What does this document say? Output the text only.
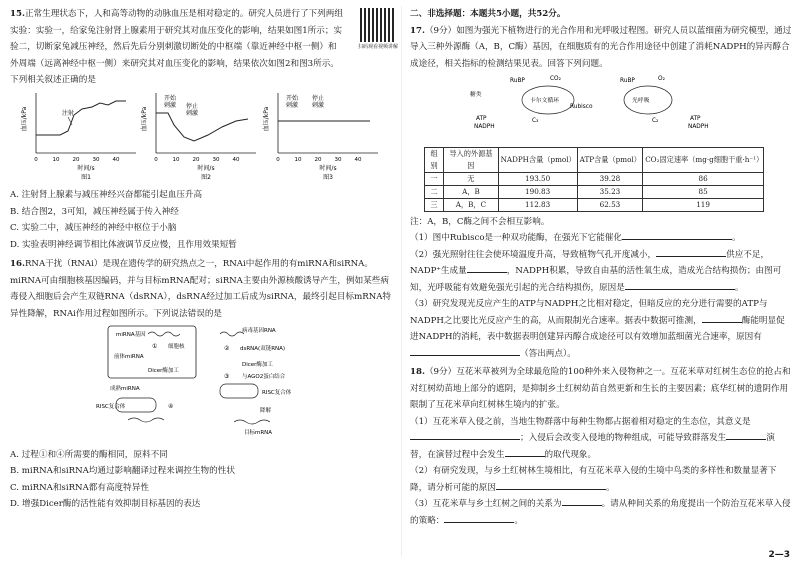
15.正常生理状态下，人和高等动物的动脉血压是相对稳定的。研究人员进行了下列两组实验：实验一，给家兔注射肾上腺素用于研究其对血压变化的影响，结果如图1所示；实验二，切断家兔减压神经，然后先后分别刺激切断处的中枢端（靠近神经中枢一侧）和外周端（远离神经中枢一侧）来研究其对血压变化的影响，结果依次如图2和图3所示。下列相关叙述正确的是

扫码观看视频讲解
血压/kPa	注射
0	10 20 30 40
时间/s
图1
血压/kPa
开始
刺激 停止
刺激
0	10 20 30 40
时间/s
图2
血压/kPa
开始
刺激
停止
刺激
0	10 20 30 40
时间/s
图3

A. 注射肾上腺素与减压神经兴奋都能引起血压升高

B. 结合图2，3可知，减压神经属于传入神经

C. 实验二中，减压神经的神经中枢位于小脑

D. 实验表明神经调节相比体液调节反应慢，且作用效果短暂

16.RNA干扰（RNAi）是现在遗传学的研究热点之一，RNAi中起作用的有miRNA和siRNA。miRNA可由细胞核基因编码，并与目标mRNA配对；siRNA主要由外源核酸诱导产生，例如某些病毒侵入细胞后会产生双链RNA（dsRNA），dsRNA经过加工后成为siRNA，最终引起目标mRNA特异性降解，RNAi作用过程如图所示。下列说法错误的是

miRNA基因
细胞核
前体miRNA
①
Dicer酶加工
成熟miRNA
RISC复合体	④
病毒基因RNA
② dsRNA(双链RNA)
Dicer酶加工
③ 与AGO2蛋白结合
RISC复合体
降解
目标mRNA

A. 过程①和④所需要的酶相同，原料不同

B. miRNA和siRNA均通过影响翻译过程来调控生物的性状

C. miRNA和siRNA都有高度特异性

D. 增强Dicer酶的活性能有效抑制目标基因的表达

二、非选择题：本题共5小题，共52分。

17.（9分）如图为强光下植物进行的光合作用和光呼吸过程图。研究人员以蓝细菌为研究模型，通过导入三种外源酶（A，B，C酶）基因，在细胞质有的光合作用途径中创建了消耗NADPH的异丙醇合成途径，相关指标的检测结果见表。回答下列问题。

糖类
RuBP	CO₂
卡尔文循环
Rubisco
RuBP	O₂
光呼吸
C₃	C₂
ATP
NADPH
ATP
NADPH
组别	导入的外源基因	NADPH含量（pmol）	ATP含量（pmol）	CO₂固定速率（mg·g细胞干重·h⁻¹）
一	无	193.50	39.28	86
二	A，B	190.83	35.23	85
三	A，B，C	112.83	62.53	119

注：A，B，C酶之间不会相互影响。

（1）图中Rubisco是一种双功能酶，在强光下它能催化	。

（2）强光照射往往会使环境温度升高，导致植物气孔开度减小，	供应不足，NADP⁺生成量	，NADPH积累，导致自由基的活性氧生成，造成光合结构损伤；由图可知，光呼吸能有效避免强光引起的光合结构损伤，原因是	。

（3）研究发现光反应产生的ATP与NADPH之比相对稳定，但暗反应的充分进行需要的ATP与NADPH之比要比光反应产生的高，从而限制光合速率。据表中数据可推测，	酶能明显促进NADPH的消耗，表中数据表明创建异丙醇合成途径可以有效增加蓝细菌光合速率，原因有（答出两点）。

18.（9分）互花米草被列为全球最危险的100种外来入侵物种之一。互花米草对红树生态位的抢占和对红树幼苗地上部分的遮阴，是抑制乡土红树幼苗自然更新和生长的主要因素；底华红树的遗阴作用限制了互花米草向红树林生境内的扩张。

（1）互花米草入侵之前，当地生物群落中每种生物都占据着相对稳定的生态位，其意义是；入侵后会改变入侵地的物种组成，可能导致群落发生	演替，在演替过程中会发生	的取代现象。

（2）有研究发现，与乡土红树林生境相比，有互花米草入侵的生境中鸟类的多样性和数量显著下降，请分析可能的原因	。

（3）互花米草与乡土红树之间的关系为	。请从种间关系的角度提出一个防治互花米草入侵的策略：	。

2—3
